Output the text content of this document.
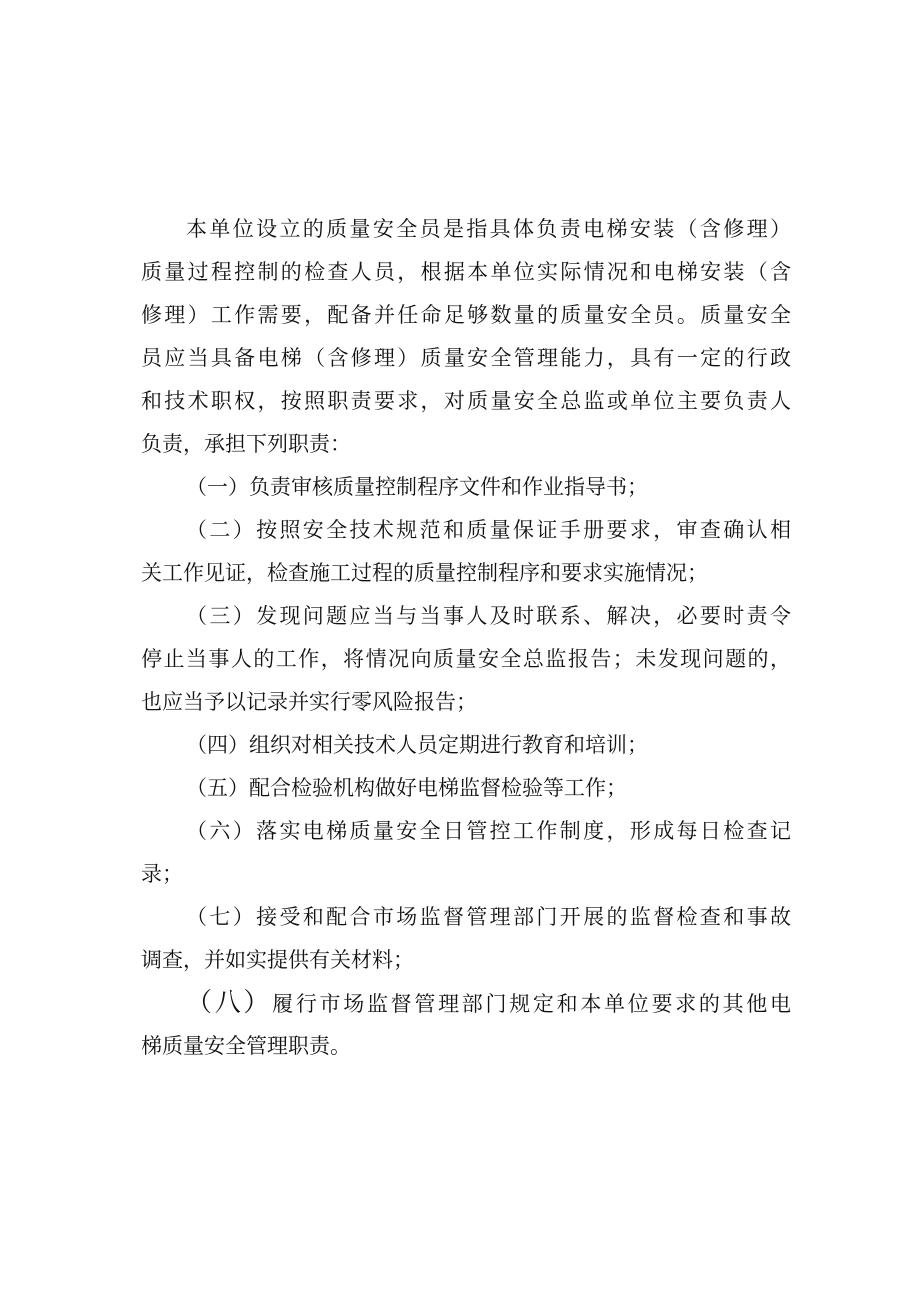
本单位设立的质量安全员是指具体负责电梯安装（含修理）
质量过程控制的检查人员，根据本单位实际情况和电梯安装（含
修理）工作需要，配备并任命足够数量的质量安全员。质量安全
员应当具备电梯（含修理）质量安全管理能力，具有一定的行政
和技术职权，按照职责要求，对质量安全总监或单位主要负责人
负责，承担下列职责：
（一）负责审核质量控制程序文件和作业指导书；
（二）按照安全技术规范和质量保证手册要求，审查确认相
关工作见证，检查施工过程的质量控制程序和要求实施情况；
（三）发现问题应当与当事人及时联系、解决，必要时责令
停止当事人的工作，将情况向质量安全总监报告；未发现问题的，
也应当予以记录并实行零风险报告；
（四）组织对相关技术人员定期进行教育和培训；
（五）配合检验机构做好电梯监督检验等工作；
（六）落实电梯质量安全日管控工作制度，形成每日检查记
录；
（七）接受和配合市场监督管理部门开展的监督检查和事故
调查，并如实提供有关材料；
（八）履行市场监督管理部门规定和本单位要求的其他电
梯质量安全管理职责。
